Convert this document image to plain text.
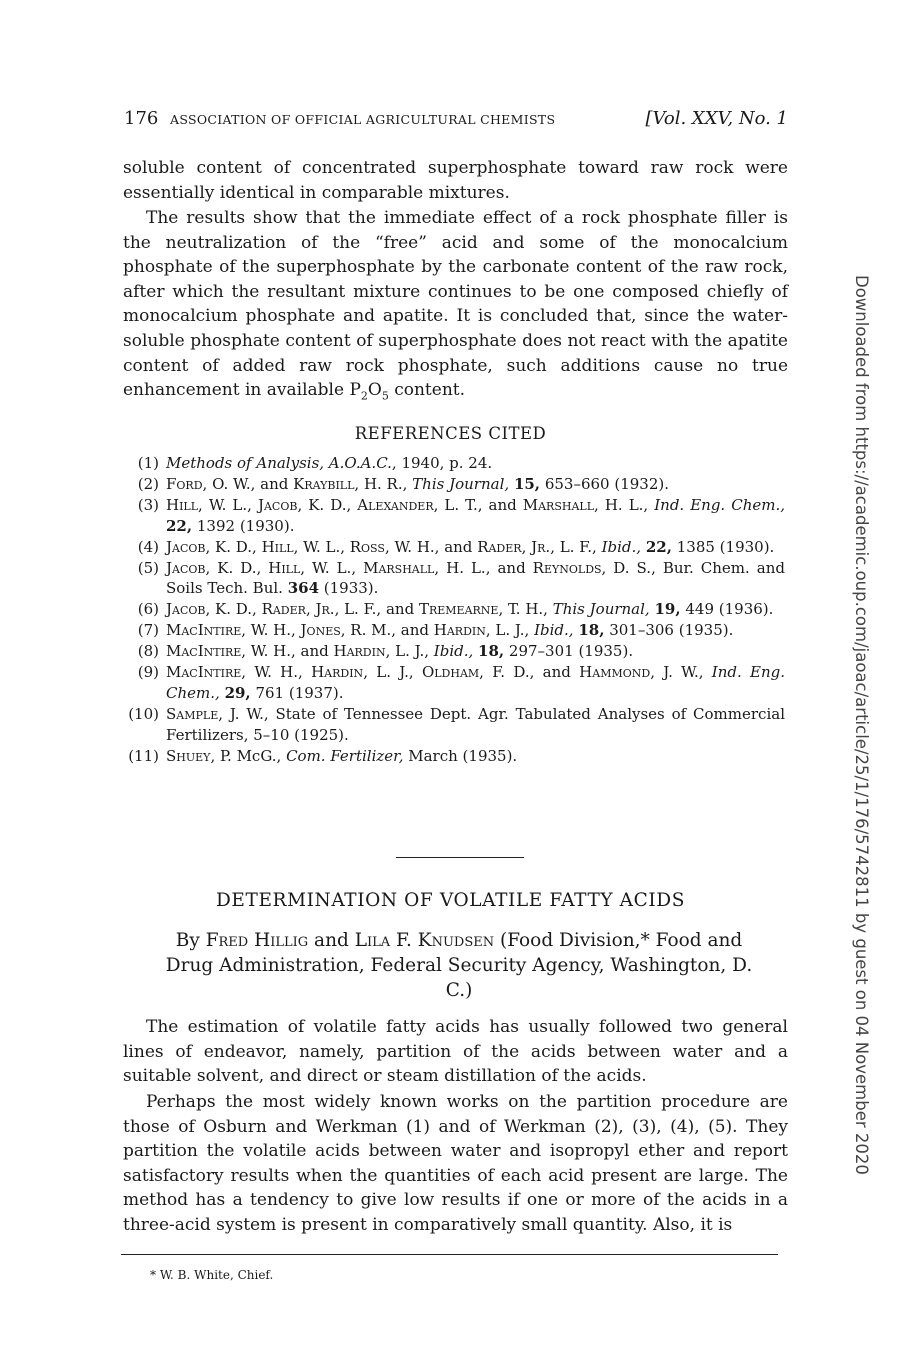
176 ASSOCIATION OF OFFICIAL AGRICULTURAL CHEMISTS	[Vol. XXV, No. 1

soluble content of concentrated superphosphate toward raw rock were essentially identical in comparable mixtures.

The results show that the immediate effect of a rock phosphate filler is the neutralization of the “free” acid and some of the monocalcium phosphate of the superphosphate by the carbonate content of the raw rock, after which the resultant mixture continues to be one composed chiefly of monocalcium phosphate and apatite. It is concluded that, since the water-soluble phosphate content of superphosphate does not react with the apatite content of added raw rock phosphate, such additions cause no true enhancement in available $P_2O_5$ content.

REFERENCES CITED

(1) Methods of Analysis, A.O.A.C., 1940, p. 24.

(2) Ford, O. W., and Kraybill, H. R., This Journal, 15, 653–660 (1932).

(3) Hill, W. L., Jacob, K. D., Alexander, L. T., and Marshall, H. L., Ind. Eng. Chem., 22, 1392 (1930).

(4) Jacob, K. D., Hill, W. L., Ross, W. H., and Rader, Jr., L. F., Ibid., 22, 1385 (1930).

(5) Jacob, K. D., Hill, W. L., Marshall, H. L., and Reynolds, D. S., Bur. Chem. and Soils Tech. Bul. 364 (1933).

(6) Jacob, K. D., Rader, Jr., L. F., and Tremearne, T. H., This Journal, 19, 449 (1936).

(7) MacIntire, W. H., Jones, R. M., and Hardin, L. J., Ibid., 18, 301–306 (1935).

(8) MacIntire, W. H., and Hardin, L. J., Ibid., 18, 297–301 (1935).

(9) MacIntire, W. H., Hardin, L. J., Oldham, F. D., and Hammond, J. W., Ind. Eng. Chem., 29, 761 (1937).

(10) Sample, J. W., State of Tennessee Dept. Agr. Tabulated Analyses of Commercial Fertilizers, 5–10 (1925).

(11) Shuey, P. McG., Com. Fertilizer, March (1935).

DETERMINATION OF VOLATILE FATTY ACIDS
By Fred Hillig and Lila F. Knudsen (Food Division,* Food and Drug Administration, Federal Security Agency, Washington, D. C.)

The estimation of volatile fatty acids has usually followed two general lines of endeavor, namely, partition of the acids between water and a suitable solvent, and direct or steam distillation of the acids.

Perhaps the most widely known works on the partition procedure are those of Osburn and Werkman (1) and of Werkman (2), (3), (4), (5). They partition the volatile acids between water and isopropyl ether and report satisfactory results when the quantities of each acid present are large. The method has a tendency to give low results if one or more of the acids in a three-acid system is present in comparatively small quantity. Also, it is

* W. B. White, Chief.
Downloaded from https://academic.oup.com/jaoac/article/25/1/176/5742811 by guest on 04 November 2020
